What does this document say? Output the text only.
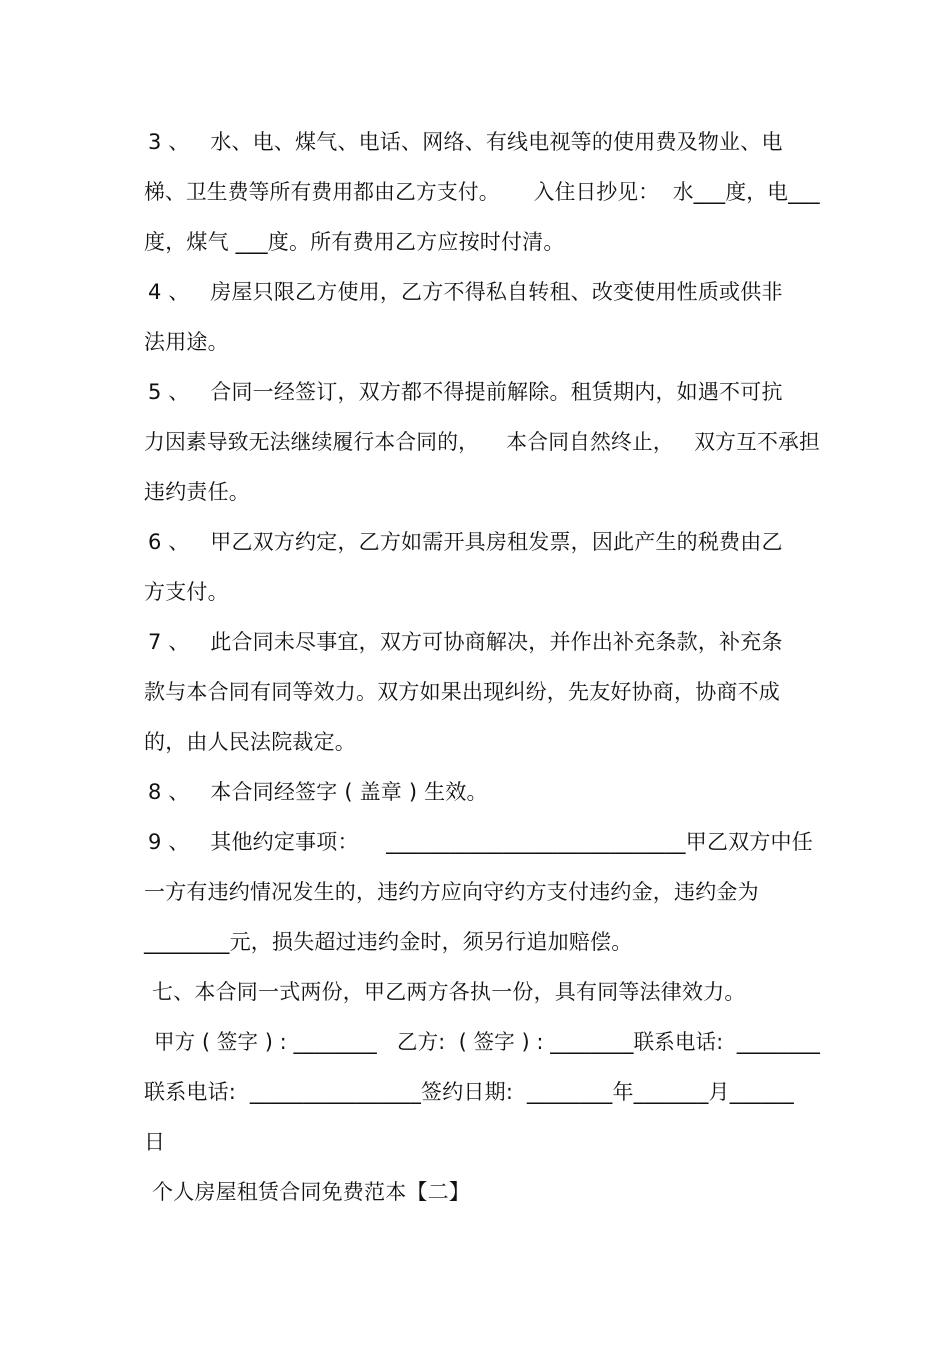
3 、   水、电、煤气、电话、网络、有线电视等的使用费及物业、电
梯、卫生费等所有费用都由乙方支付。     入住日抄见：  水___度，电___
度，煤气 ___度。所有费用乙方应按时付清。
4 、   房屋只限乙方使用，乙方不得私自转租、改变使用性质或供非
法用途。
5 、   合同一经签订，双方都不得提前解除。租赁期内，如遇不可抗
力因素导致无法继续履行本合同的，    本合同自然终止，   双方互不承担
违约责任。
6 、   甲乙双方约定，乙方如需开具房租发票，因此产生的税费由乙
方支付。
7 、   此合同未尽事宜，双方可协商解决，并作出补充条款，补充条
款与本合同有同等效力。双方如果出现纠纷，先友好协商，协商不成
的，由人民法院裁定。
8 、   本合同经签字 ( 盖章 ) 生效。
9 、   其他约定事项：    ____________________________甲乙双方中任
一方有违约情况发生的，违约方应向守约方支付违约金，违约金为
________元，损失超过违约金时，须另行追加赔偿。
七、本合同一式两份，甲乙两方各执一份，具有同等法律效力。
甲方 ( 签字 ) : ________   乙方:  ( 签字 ) : ________联系电话:  ________
联系电话:  ________________签约日期:  ________年_______月______
日
个人房屋租赁合同免费范本【二】
